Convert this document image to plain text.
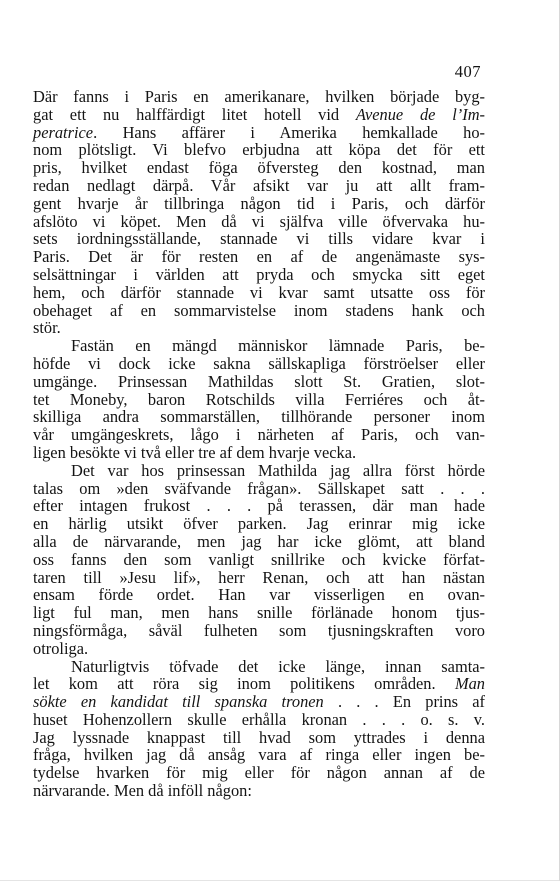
407
Där fanns i Paris en amerikanare, hvilken började byg-
gat ett nu halffärdigt litet hotell vid Avenue de l’Im-
peratrice. Hans affärer i Amerika hemkallade ho-
nom plötsligt. Vi blefvo erbjudna att köpa det för ett
pris, hvilket endast föga öfversteg den kostnad, man
redan nedlagt därpå. Vår afsikt var ju att allt fram-
gent hvarje år tillbringa någon tid i Paris, och därför
afslöto vi köpet. Men då vi själfva ville öfvervaka hu-
sets iordningsställande, stannade vi tills vidare kvar i
Paris. Det är för resten en af de angenämaste sys-
selsättningar i världen att pryda och smycka sitt eget
hem, och därför stannade vi kvar samt utsatte oss för
obehaget af en sommarvistelse inom stadens hank och
stör.
Fastän en mängd människor lämnade Paris, be-
höfde vi dock icke sakna sällskapliga förströelser eller
umgänge. Prinsessan Mathildas slott St. Gratien, slot-
tet Moneby, baron Rotschilds villa Ferriéres och åt-
skilliga andra sommarställen, tillhörande personer inom
vår umgängeskrets, lågo i närheten af Paris, och van-
ligen besökte vi två eller tre af dem hvarje vecka.
Det var hos prinsessan Mathilda jag allra först hörde
talas om »den sväfvande frågan». Sällskapet satt . . .
efter intagen frukost . . . på terassen, där man hade
en härlig utsikt öfver parken. Jag erinrar mig icke
alla de närvarande, men jag har icke glömt, att bland
oss fanns den som vanligt snillrike och kvicke förfat-
taren till »Jesu lif», herr Renan, och att han nästan
ensam förde ordet. Han var visserligen en ovan-
ligt ful man, men hans snille förlänade honom tjus-
ningsförmåga, såväl fulheten som tjusningskraften voro
otroliga.
Naturligtvis töfvade det icke länge, innan samta-
let kom att röra sig inom politikens områden. Man
sökte en kandidat till spanska tronen . . . En prins af
huset Hohenzollern skulle erhålla kronan . . . o. s. v.
Jag lyssnade knappast till hvad som yttrades i denna
fråga, hvilken jag då ansåg vara af ringa eller ingen be-
tydelse hvarken för mig eller för någon annan af de
närvarande. Men då inföll någon:
